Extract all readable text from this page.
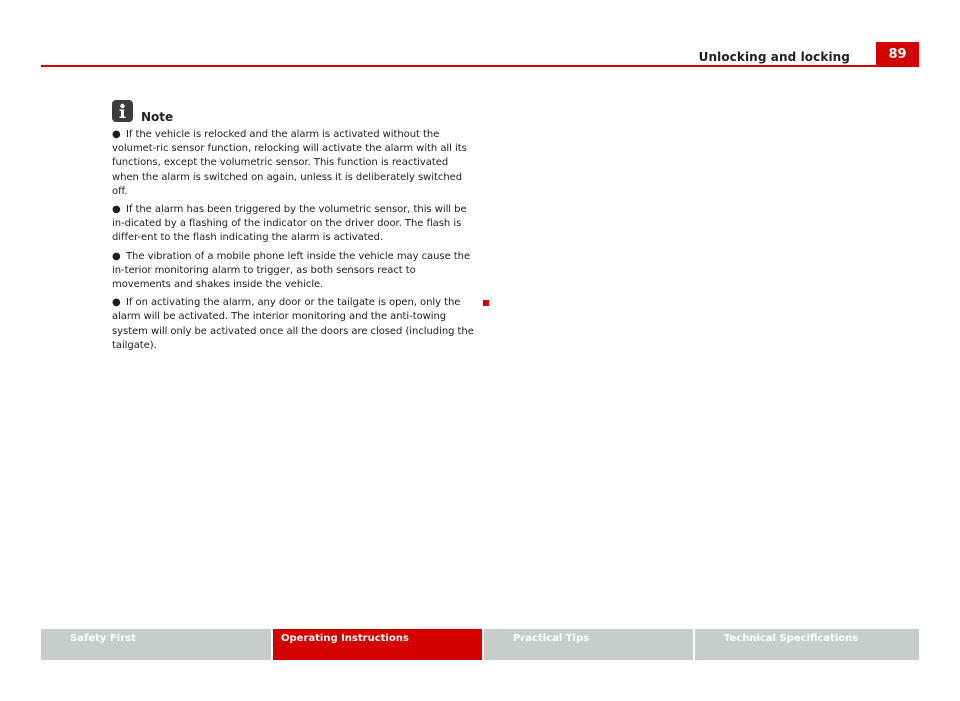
Unlocking and locking	89
Note
● If the vehicle is relocked and the alarm is activated without the volumet-ric sensor function, relocking will activate the alarm with all its functions, except the volumetric sensor. This function is reactivated when the alarm is switched on again, unless it is deliberately switched off.
● If the alarm has been triggered by the volumetric sensor, this will be in-dicated by a flashing of the indicator on the driver door. The flash is differ-ent to the flash indicating the alarm is activated.
● The vibration of a mobile phone left inside the vehicle may cause the in-terior monitoring alarm to trigger, as both sensors react to movements and shakes inside the vehicle.
● If on activating the alarm, any door or the tailgate is open, only the alarm will be activated. The interior monitoring and the anti-towing system will only be activated once all the doors are closed (including the tailgate).
Safety First	Operating Instructions	Practical Tips	Technical Specifications
